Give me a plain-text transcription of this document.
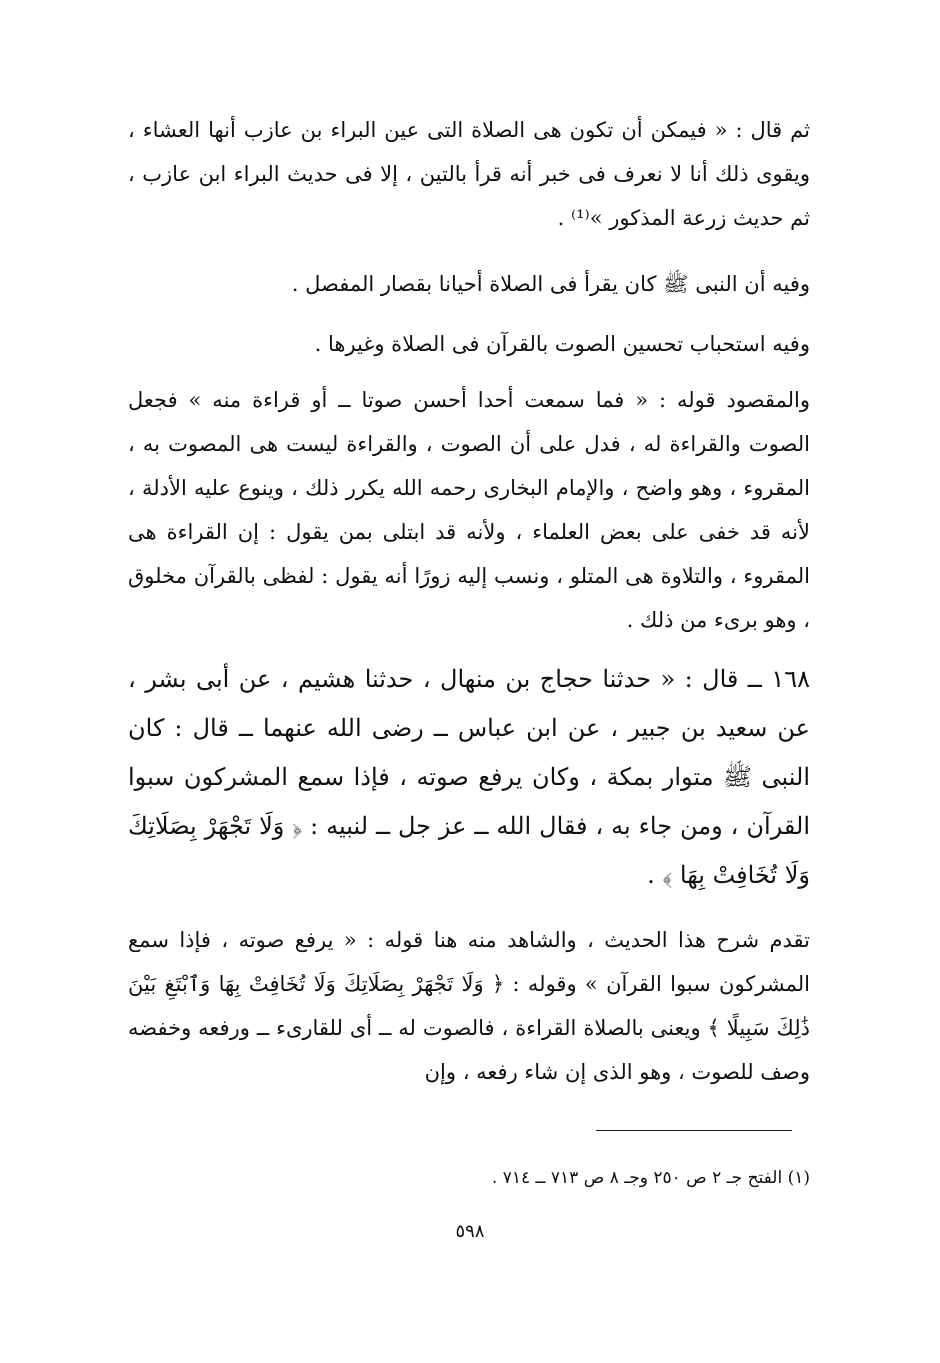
ثم قال : « فيمكن أن تكون هى الصلاة التى عين البراء بن عازب أنها العشاء ، ويقوى ذلك أنا لا نعرف فى خبر أنه قرأ بالتين ، إلا فى حديث البراء ابن عازب ، ثم حديث زرعة المذكور »⁽¹⁾ .

وفيه أن النبى ﷺ كان يقرأ فى الصلاة أحيانا بقصار المفصل .

وفيه استحباب تحسين الصوت بالقرآن فى الصلاة وغيرها .

والمقصود قوله : « فما سمعت أحدا أحسن صوتا ــ أو قراءة منه » فجعل الصوت والقراءة له ، فدل على أن الصوت ، والقراءة ليست هى المصوت به ، المقروء ، وهو واضح ، والإمام البخارى رحمه الله يكرر ذلك ، وينوع عليه الأدلة ، لأنه قد خفى على بعض العلماء ، ولأنه قد ابتلى بمن يقول : إن القراءة هى المقروء ، والتلاوة هى المتلو ، ونسب إليه زورًا أنه يقول : لفظى بالقرآن مخلوق ، وهو برىء من ذلك .

١٦٨ ــ قال : « حدثنا حجاج بن منهال ، حدثنا هشيم ، عن أبى بشر ، عن سعيد بن جبير ، عن ابن عباس ــ رضى الله عنهما ــ قال : كان النبى ﷺ متوار بمكة ، وكان يرفع صوته ، فإذا سمع المشركون سبوا القرآن ، ومن جاء به ، فقال الله ــ عز جل ــ لنبيه : ﴿ وَلَا تَجْهَرْ بِصَلَاتِكَ وَلَا تُخَافِتْ بِهَا ﴾ .

تقدم شرح هذا الحديث ، والشاهد منه هنا قوله : « يرفع صوته ، فإذا سمع المشركون سبوا القرآن » وقوله : ﴿ وَلَا تَجْهَرْ بِصَلَاتِكَ وَلَا تُخَافِتْ بِهَا وَٱبْتَغِ بَيْنَ ذَٰلِكَ سَبِيلًا ﴾ ويعنى بالصلاة القراءة ، فالصوت له ــ أى للقارىء ــ ورفعه وخفضه وصف للصوت ، وهو الذى إن شاء رفعه ، وإن

(١) الفتح جـ ٢ ص ٢٥٠ وجـ ٨ ص ٧١٣ ــ ٧١٤ .
٥٩٨
